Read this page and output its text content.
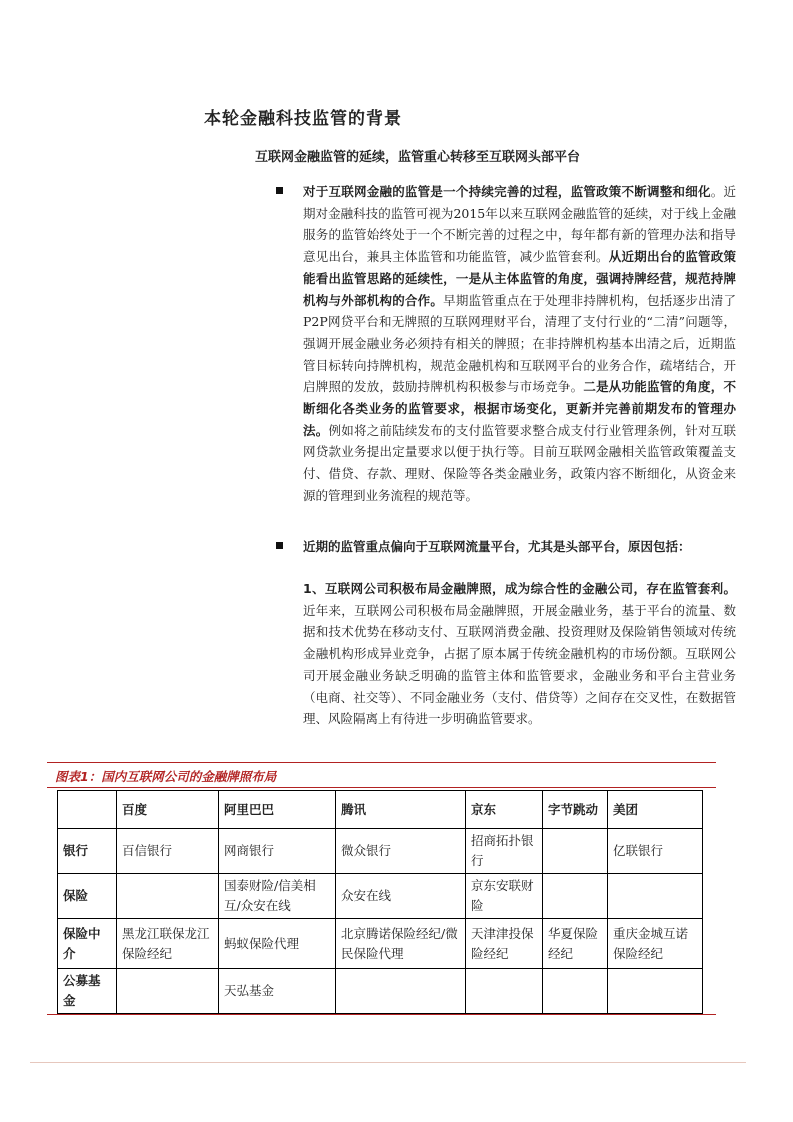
本轮金融科技监管的背景
互联网金融监管的延续，监管重心转移至互联网头部平台
对于互联网金融的监管是一个持续完善的过程，监管政策不断调整和细化。近期对金融科技的监管可视为2015年以来互联网金融监管的延续，对于线上金融服务的监管始终处于一个不断完善的过程之中，每年都有新的管理办法和指导意见出台，兼具主体监管和功能监管，减少监管套利。从近期出台的监管政策能看出监管思路的延续性，一是从主体监管的角度，强调持牌经营，规范持牌机构与外部机构的合作。早期监管重点在于处理非持牌机构，包括逐步出清了P2P网贷平台和无牌照的互联网理财平台，清理了支付行业的“二清”问题等，强调开展金融业务必须持有相关的牌照；在非持牌机构基本出清之后，近期监管目标转向持牌机构，规范金融机构和互联网平台的业务合作，疏堵结合，开启牌照的发放，鼓励持牌机构积极参与市场竞争。二是从功能监管的角度，不断细化各类业务的监管要求，根据市场变化，更新并完善前期发布的管理办法。例如将之前陆续发布的支付监管要求整合成支付行业管理条例，针对互联网贷款业务提出定量要求以便于执行等。目前互联网金融相关监管政策覆盖支付、借贷、存款、理财、保险等各类金融业务，政策内容不断细化，从资金来源的管理到业务流程的规范等。
近期的监管重点偏向于互联网流量平台，尤其是头部平台，原因包括：
1、互联网公司积极布局金融牌照，成为综合性的金融公司，存在监管套利。近年来，互联网公司积极布局金融牌照，开展金融业务，基于平台的流量、数据和技术优势在移动支付、互联网消费金融、投资理财及保险销售领域对传统金融机构形成异业竞争，占据了原本属于传统金融机构的市场份额。互联网公司开展金融业务缺乏明确的监管主体和监管要求，金融业务和平台主营业务（电商、社交等）、不同金融业务（支付、借贷等）之间存在交叉性，在数据管理、风险隔离上有待进一步明确监管要求。
图表1：国内互联网公司的金融牌照布局
	百度	阿里巴巴	腾讯	京东	字节跳动	美团
银行	百信银行	网商银行	微众银行	招商拓扑银行		亿联银行
保险		国泰财险/信美相互/众安在线	众安在线	京东安联财险		
保险中介	黑龙江联保龙江保险经纪	蚂蚁保险代理	北京腾诺保险经纪/微民保险代理	天津津投保险经纪	华夏保险经纪	重庆金城互诺保险经纪
公募基金		天弘基金				
